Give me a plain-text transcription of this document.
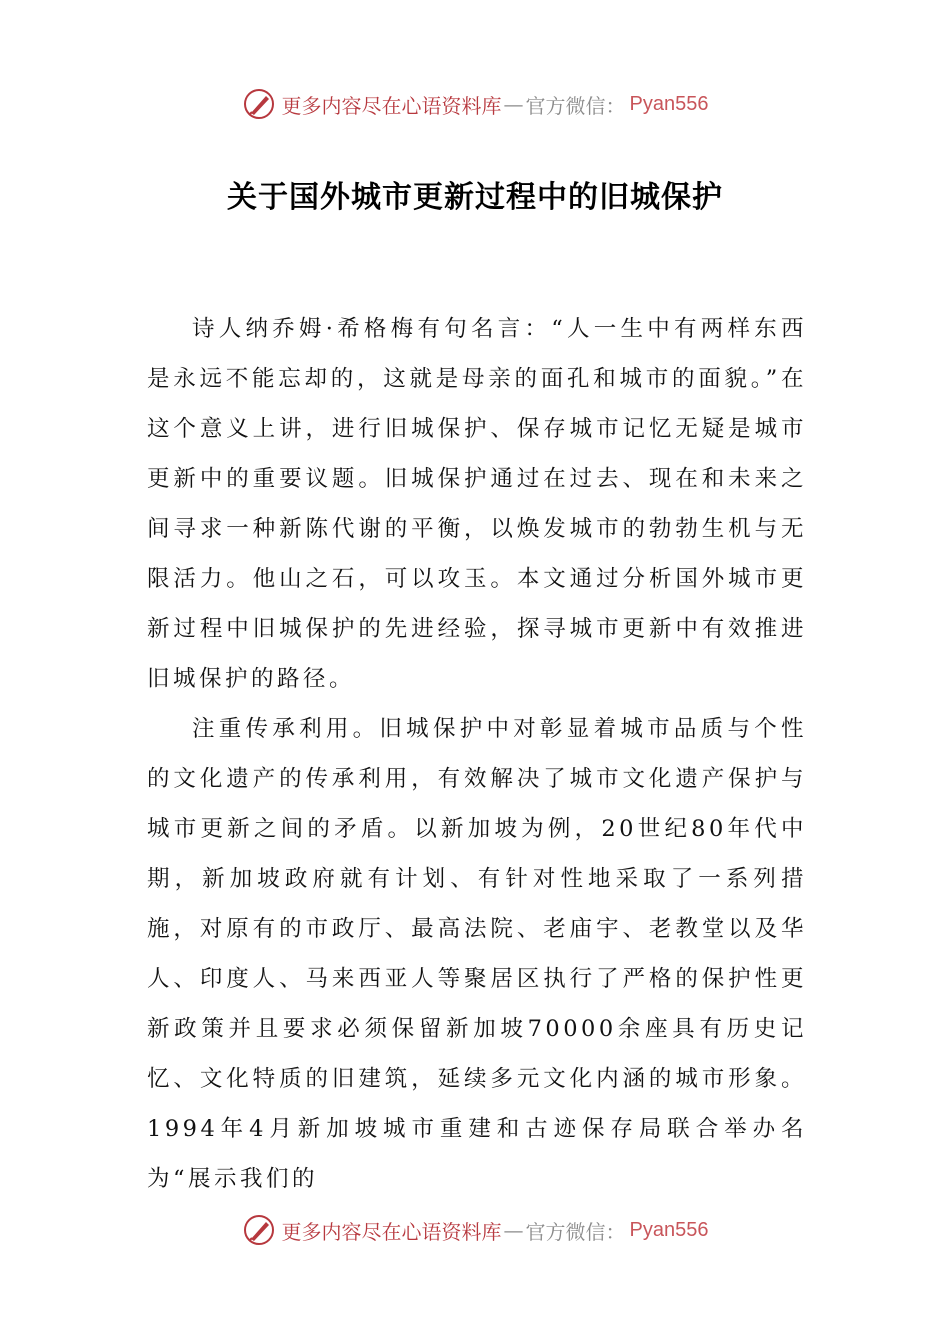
更多内容尽在心语资料库 — 官方微信： Pyan556
关于国外城市更新过程中的旧城保护

诗人纳乔姆·希格梅有句名言：“人一生中有两样东西是永远不能忘却的，这就是母亲的面孔和城市的面貌。”在这个意义上讲，进行旧城保护、保存城市记忆无疑是城市更新中的重要议题。旧城保护通过在过去、现在和未来之间寻求一种新陈代谢的平衡，以焕发城市的勃勃生机与无限活力。他山之石，可以攻玉。本文通过分析国外城市更新过程中旧城保护的先进经验，探寻城市更新中有效推进旧城保护的路径。

注重传承利用。旧城保护中对彰显着城市品质与个性的文化遗产的传承利用，有效解决了城市文化遗产保护与城市更新之间的矛盾。以新加坡为例，20世纪80年代中期，新加坡政府就有计划、有针对性地采取了一系列措施，对原有的市政厅、最高法院、老庙宇、老教堂以及华人、印度人、马来西亚人等聚居区执行了严格的保护性更新政策并且要求必须保留新加坡70000余座具有历史记忆、文化特质的旧建筑，延续多元文化内涵的城市形象。1994年4月新加坡城市重建和古迹保存局联合举办名为“展示我们的

更多内容尽在心语资料库 — 官方微信： Pyan556
